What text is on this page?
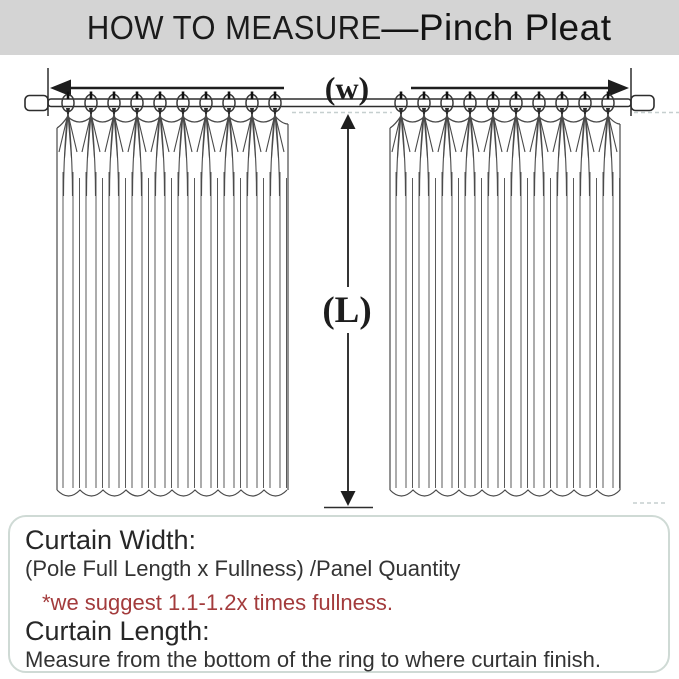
HOW TO MEASURE —Pinch Pleat
(w)
(L)
Curtain Width:

(Pole Full Length x Fullness) /Panel Quantity

*we suggest 1.1-1.2x times fullness.

Curtain Length:

Measure from the bottom of the ring to where curtain finish.
